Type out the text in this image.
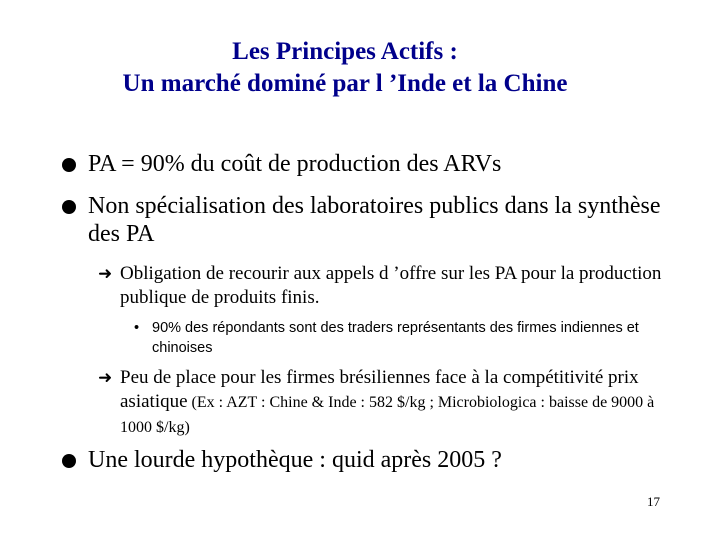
Les Principes Actifs :
Un marché dominé par l ’Inde et la Chine
PA = 90% du coût de production des ARVs
Non spécialisation des laboratoires publics dans la synthèse des PA
➜ Obligation de recourir aux appels d ’offre sur les PA pour la production publique de produits finis.
• 90% des répondants sont des traders représentants des firmes indiennes et chinoises
➜ Peu de place pour les firmes brésiliennes face à la compétitivité prix asiatique (Ex : AZT : Chine & Inde : 582 $/kg ; Microbiologica : baisse de 9000 à 1000 $/kg)
Une lourde hypothèque : quid après 2005 ?
17
